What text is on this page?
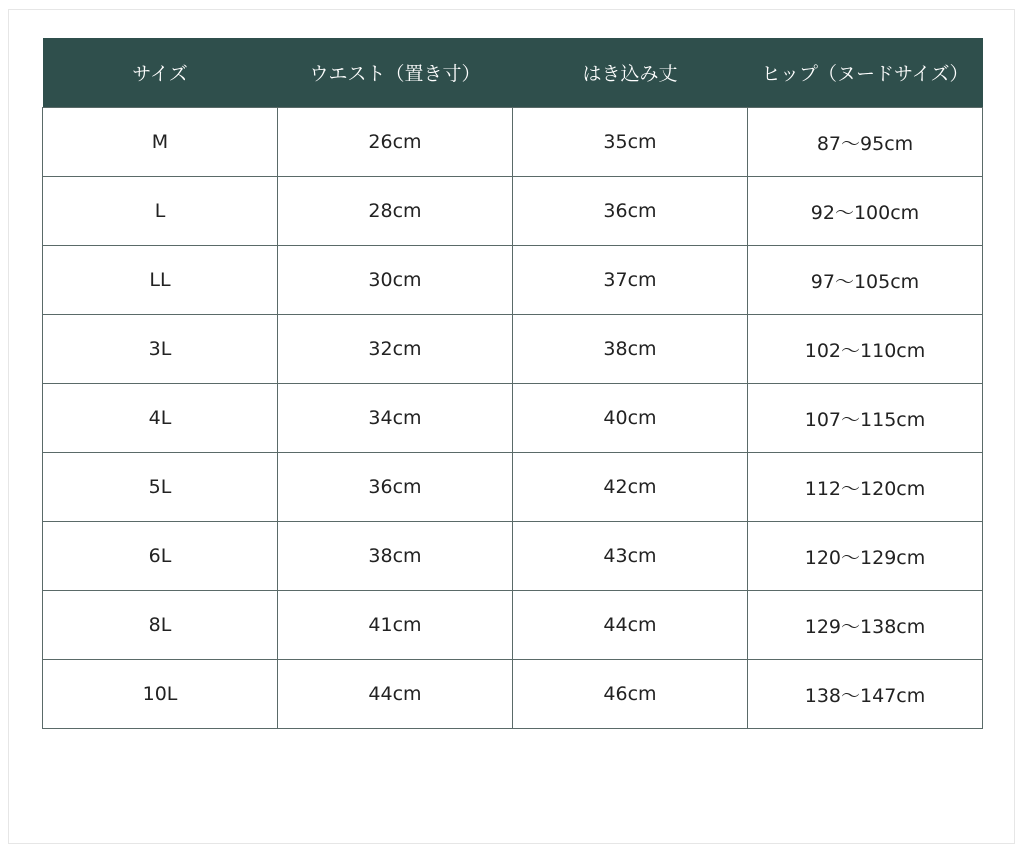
サイズ	ウエスト（置き寸）	はき込み丈	ヒップ（ヌードサイズ）
M	26cm	35cm	87〜95cm
L	28cm	36cm	92〜100cm
LL	30cm	37cm	97〜105cm
3L	32cm	38cm	102〜110cm
4L	34cm	40cm	107〜115cm
5L	36cm	42cm	112〜120cm
6L	38cm	43cm	120〜129cm
8L	41cm	44cm	129〜138cm
10L	44cm	46cm	138〜147cm
